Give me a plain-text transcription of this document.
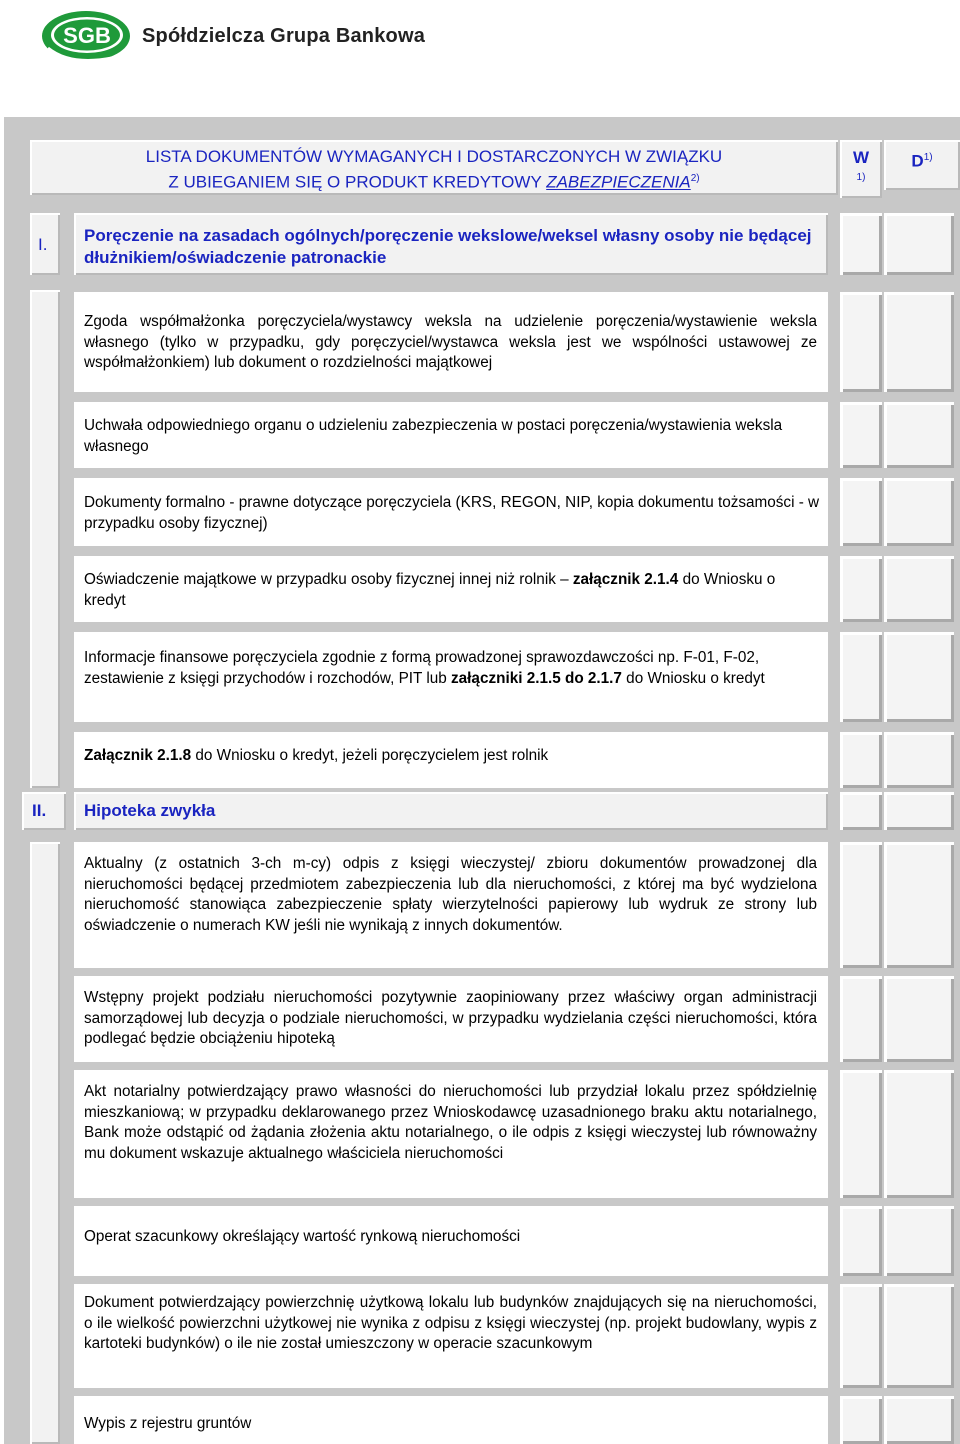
SGB Spółdzielcza Grupa Bankowa
LISTA DOKUMENTÓW WYMAGANYCH I DOSTARCZONYCH W ZWIĄZKU
Z UBIEGANIEM SIĘ O PRODUKT KREDYTOWY ZABEZPIECZENIA$^{2)}$
W
$^{1)}$
$D^{1)}$
I. Poręczenie na zasadach ogólnych/poręczenie wekslowe/weksel własny osoby nie będącej dłużnikiem/oświadczenie patronackie
Zgoda współmałżonka poręczyciela/wystawcy weksla na udzielenie poręczenia/wystawienie weksla własnego (tylko w przypadku, gdy poręczyciel/wystawca weksla jest we wspólności ustawowej ze współmałżonkiem) lub dokument o rozdzielności majątkowej
Uchwała odpowiedniego organu o udzieleniu zabezpieczenia w postaci poręczenia/wystawienia weksla własnego
Dokumenty formalno - prawne dotyczące poręczyciela (KRS, REGON, NIP, kopia dokumentu tożsamości - w przypadku osoby fizycznej)
Oświadczenie majątkowe w przypadku osoby fizycznej innej niż rolnik – załącznik 2.1.4 do Wniosku o kredyt
Informacje finansowe poręczyciela zgodnie z formą prowadzonej sprawozdawczości np. F-01, F-02, zestawienie z księgi przychodów i rozchodów, PIT lub załączniki 2.1.5 do 2.1.7 do Wniosku o kredyt
Załącznik 2.1.8 do Wniosku o kredyt, jeżeli poręczycielem jest rolnik
II. Hipoteka zwykła
Aktualny (z ostatnich 3-ch m-cy) odpis z księgi wieczystej/ zbioru dokumentów prowadzonej dla nieruchomości będącej przedmiotem zabezpieczenia lub dla nieruchomości, z której ma być wydzielona nieruchomość stanowiąca zabezpieczenie spłaty wierzytelności papierowy lub wydruk ze strony lub oświadczenie o numerach KW jeśli nie wynikają z innych dokumentów.
Wstępny projekt podziału nieruchomości pozytywnie zaopiniowany przez właściwy organ administracji samorządowej lub decyzja o podziale nieruchomości, w przypadku wydzielania części nieruchomości, która podlegać będzie obciążeniu hipoteką
Akt notarialny potwierdzający prawo własności do nieruchomości lub przydział lokalu przez spółdzielnię mieszkaniową; w przypadku deklarowanego przez Wnioskodawcę uzasadnionego braku aktu notarialnego, Bank może odstąpić od żądania złożenia aktu notarialnego, o ile odpis z księgi wieczystej lub równoważny mu dokument wskazuje aktualnego właściciela nieruchomości
Operat szacunkowy określający wartość rynkową nieruchomości
Dokument potwierdzający powierzchnię użytkową lokalu lub budynków znajdujących się na nieruchomości, o ile wielkość powierzchni użytkowej nie wynika z odpisu z księgi wieczystej (np. projekt budowlany, wypis z kartoteki budynków) o ile nie został umieszczony w operacie szacunkowym
Wypis z rejestru gruntów
